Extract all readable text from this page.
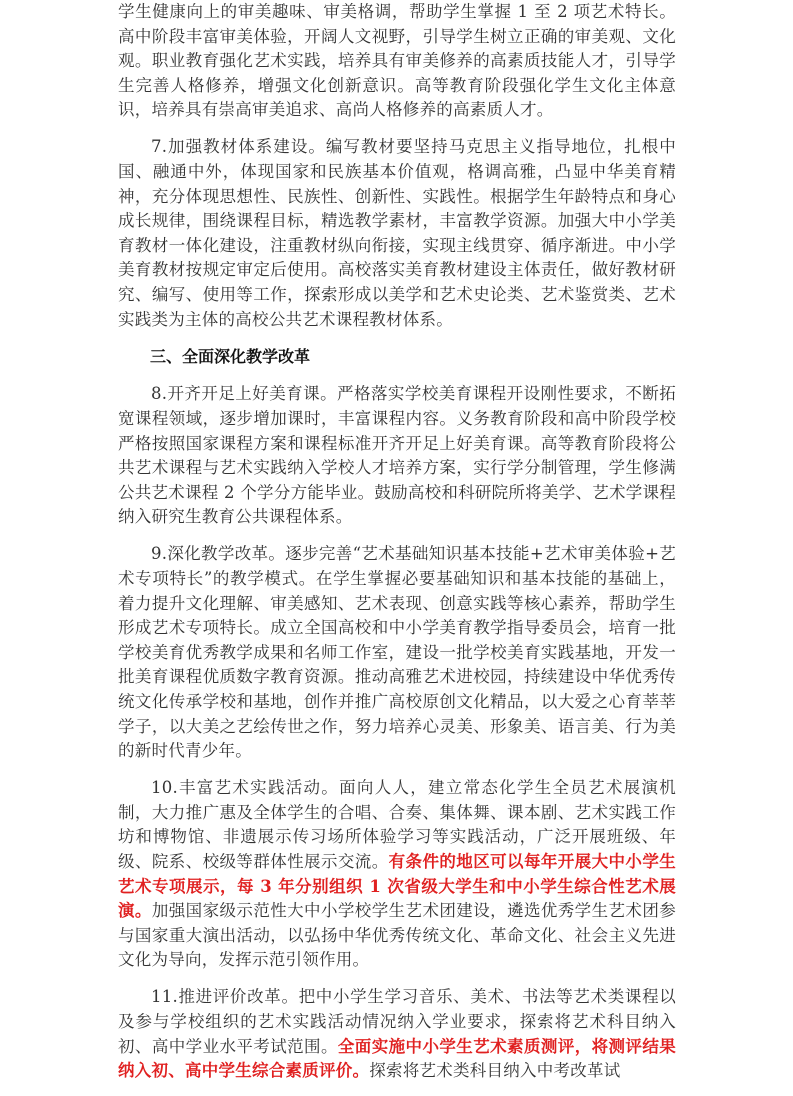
学生健康向上的审美趣味、审美格调，帮助学生掌握 1 至 2 项艺术特长。高中阶段丰富审美体验，开阔人文视野，引导学生树立正确的审美观、文化观。职业教育强化艺术实践，培养具有审美修养的高素质技能人才，引导学生完善人格修养，增强文化创新意识。高等教育阶段强化学生文化主体意识，培养具有崇高审美追求、高尚人格修养的高素质人才。

7.加强教材体系建设。编写教材要坚持马克思主义指导地位，扎根中国、融通中外，体现国家和民族基本价值观，格调高雅，凸显中华美育精神，充分体现思想性、民族性、创新性、实践性。根据学生年龄特点和身心成长规律，围绕课程目标，精选教学素材，丰富教学资源。加强大中小学美育教材一体化建设，注重教材纵向衔接，实现主线贯穿、循序渐进。中小学美育教材按规定审定后使用。高校落实美育教材建设主体责任，做好教材研究、编写、使用等工作，探索形成以美学和艺术史论类、艺术鉴赏类、艺术实践类为主体的高校公共艺术课程教材体系。

三、全面深化教学改革

8.开齐开足上好美育课。严格落实学校美育课程开设刚性要求，不断拓宽课程领域，逐步增加课时，丰富课程内容。义务教育阶段和高中阶段学校严格按照国家课程方案和课程标准开齐开足上好美育课。高等教育阶段将公共艺术课程与艺术实践纳入学校人才培养方案，实行学分制管理，学生修满公共艺术课程 2 个学分方能毕业。鼓励高校和科研院所将美学、艺术学课程纳入研究生教育公共课程体系。

9.深化教学改革。逐步完善“艺术基础知识基本技能+艺术审美体验+艺术专项特长”的教学模式。在学生掌握必要基础知识和基本技能的基础上，着力提升文化理解、审美感知、艺术表现、创意实践等核心素养，帮助学生形成艺术专项特长。成立全国高校和中小学美育教学指导委员会，培育一批学校美育优秀教学成果和名师工作室，建设一批学校美育实践基地，开发一批美育课程优质数字教育资源。推动高雅艺术进校园，持续建设中华优秀传统文化传承学校和基地，创作并推广高校原创文化精品，以大爱之心育莘莘学子，以大美之艺绘传世之作，努力培养心灵美、形象美、语言美、行为美的新时代青少年。

10.丰富艺术实践活动。面向人人，建立常态化学生全员艺术展演机制，大力推广惠及全体学生的合唱、合奏、集体舞、课本剧、艺术实践工作坊和博物馆、非遗展示传习场所体验学习等实践活动，广泛开展班级、年级、院系、校级等群体性展示交流。有条件的地区可以每年开展大中小学生艺术专项展示，每 3 年分别组织 1 次省级大学生和中小学生综合性艺术展演。加强国家级示范性大中小学校学生艺术团建设，遴选优秀学生艺术团参与国家重大演出活动，以弘扬中华优秀传统文化、革命文化、社会主义先进文化为导向，发挥示范引领作用。

11.推进评价改革。把中小学生学习音乐、美术、书法等艺术类课程以及参与学校组织的艺术实践活动情况纳入学业要求，探索将艺术科目纳入初、高中学业水平考试范围。全面实施中小学生艺术素质测评，将测评结果纳入初、高中学生综合素质评价。探索将艺术类科目纳入中考改革试
